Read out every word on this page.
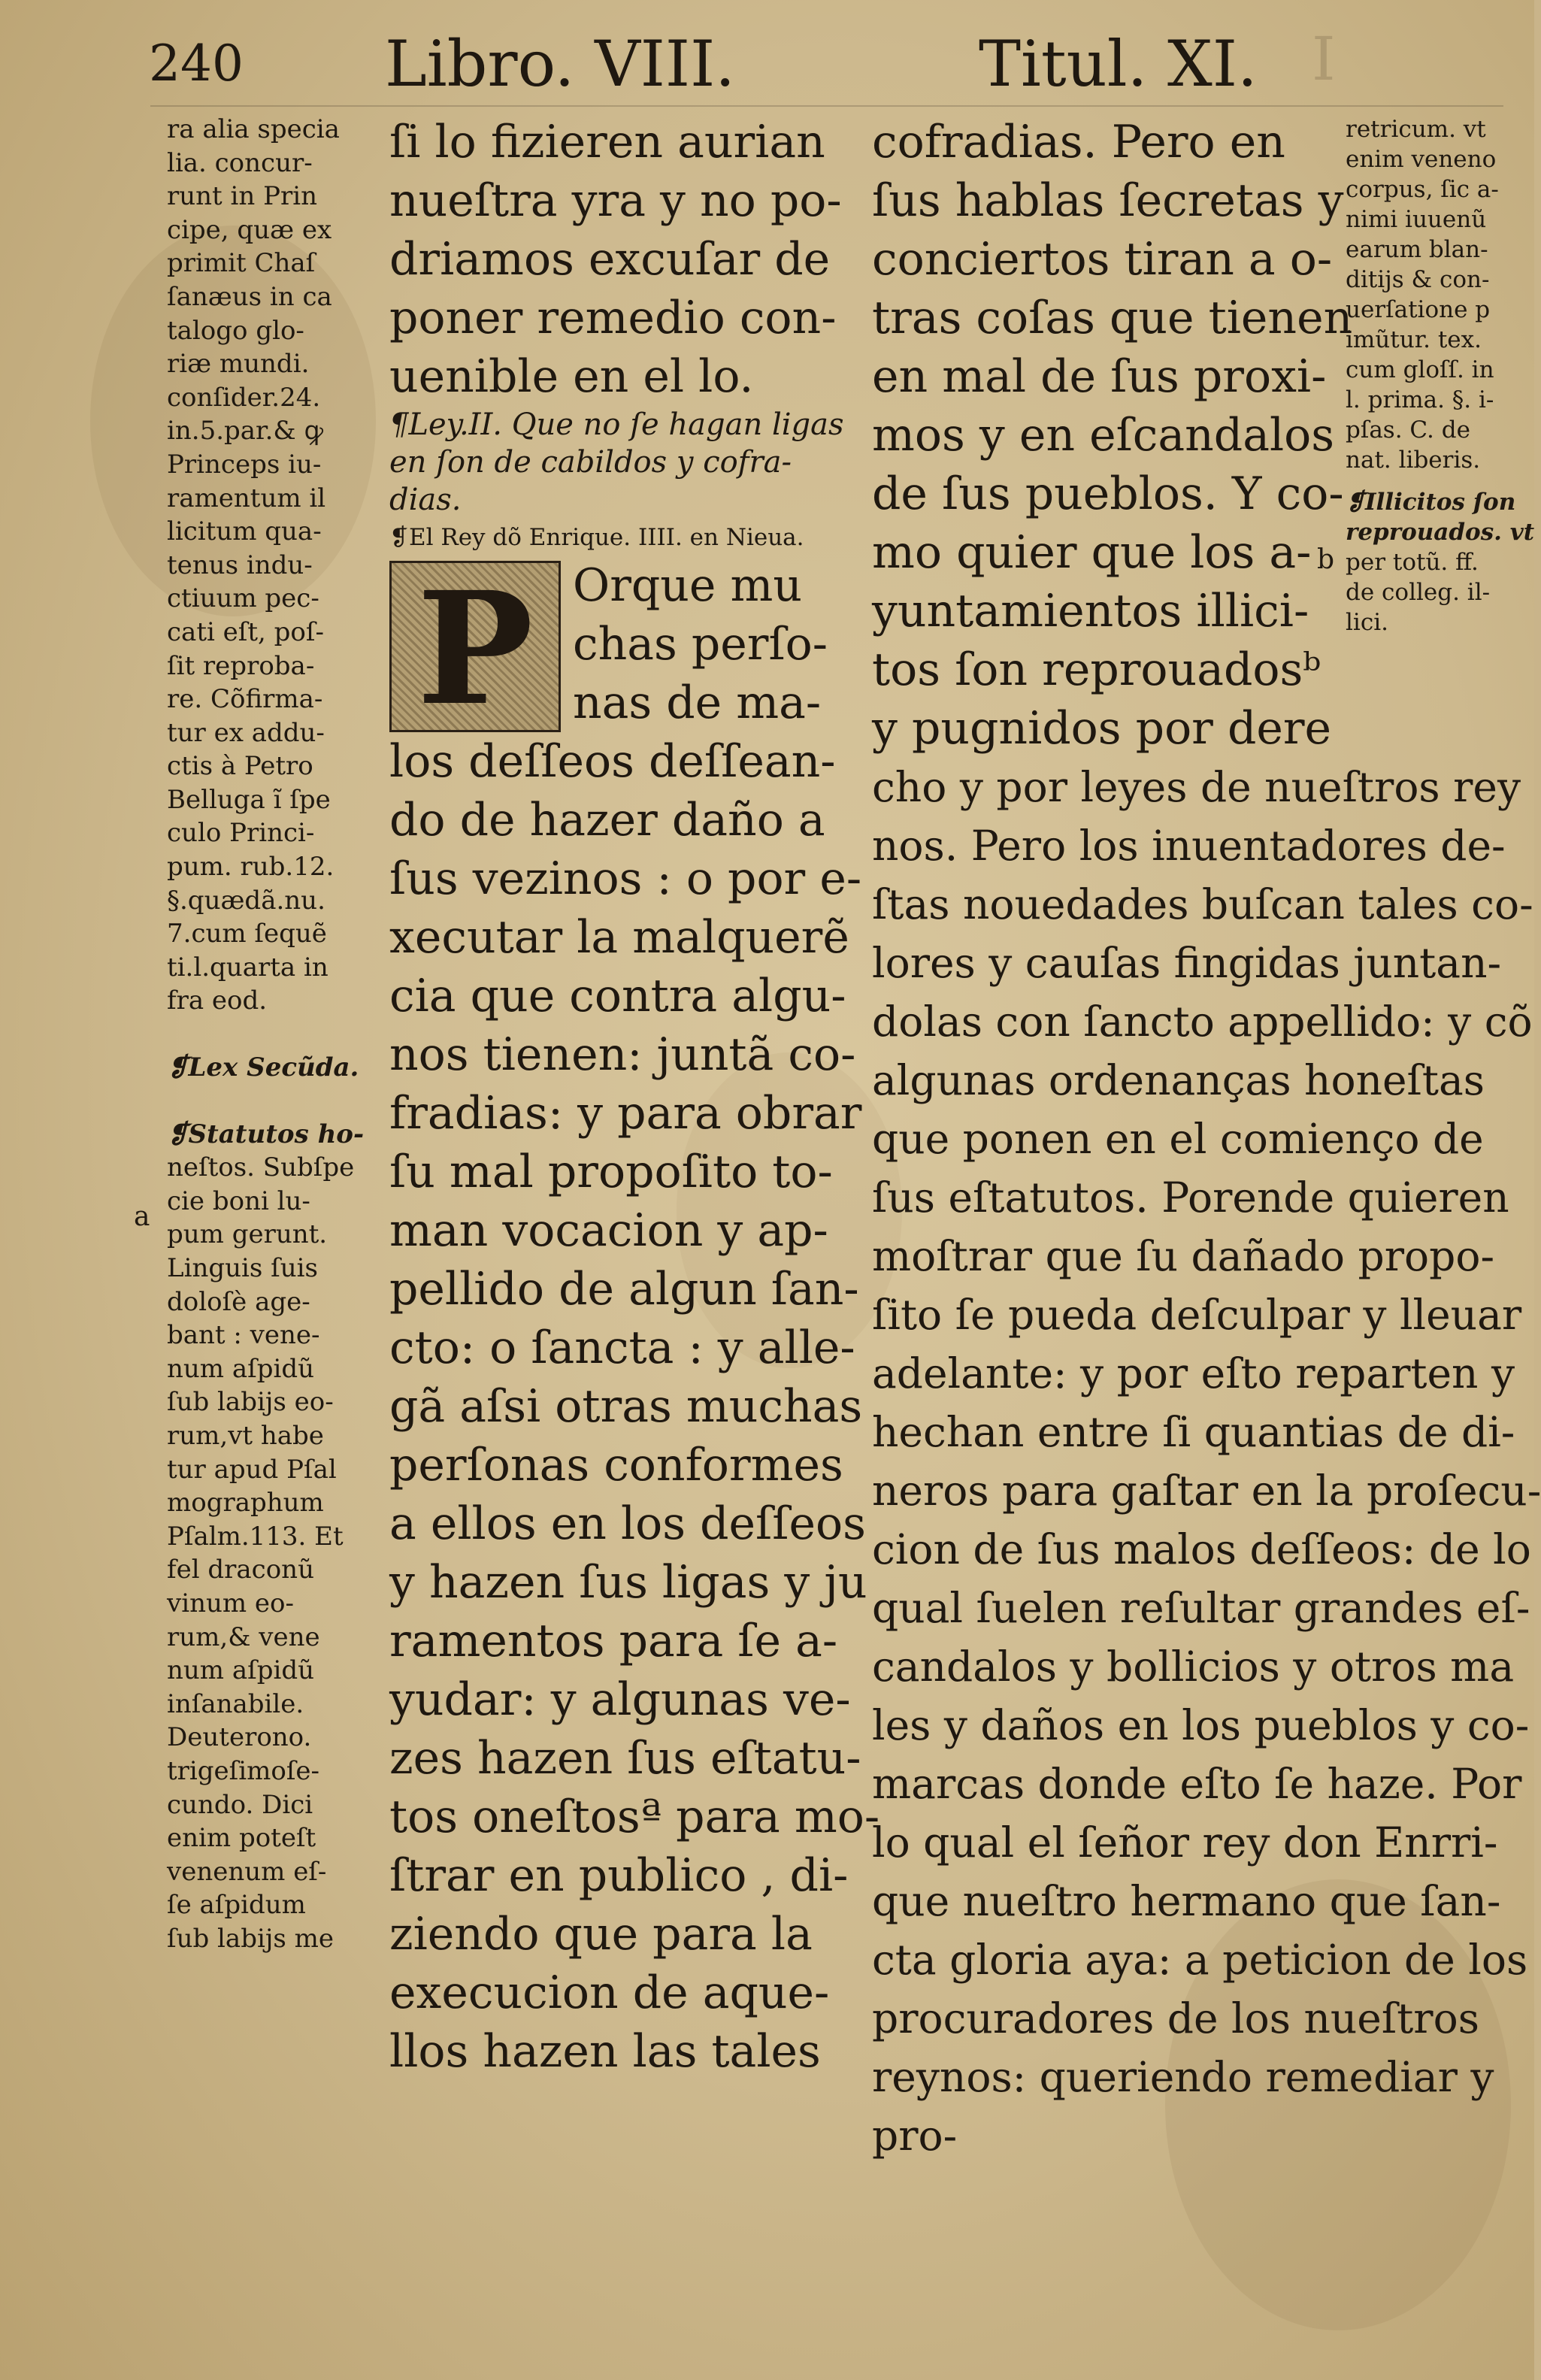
240 Libro. VIII.	Titul. XI. I

ra alia specia

lia. concur-

runt in Prin

cipe, quæ ex

primit Chaſ

ſanæus in ca

talogo glo-

riæ mundi.

conſider.24.

in.5.par.& ꝙ

Princeps iu-

ramentum il

licitum qua-

tenus indu-

ctiuum pec-

cati eſt, poſ-

ſit reproba-

re. Cõfirma-

tur ex addu-

ctis à Petro

Belluga ĩ ſpe

culo Princi-

pum. rub.12.

§.quædã.nu.

7.cum ſequẽ

ti.l.quarta in

fra eod.

❡Lex Secũda.

❡Statutos ho-

neſtos. Subſpe

cie boni lu-

pum gerunt.

Linguis ſuis

doloſè age-

bant : vene-

num aſpidũ

ſub labijs eo-

rum,vt habe

tur apud Pſal

mographum

Pſalm.113. Et

fel draconũ

vinum eo-

rum,& vene

num aſpidũ

inſanabile.

Deuterono.

trigeſimoſe-

cundo. Dici

enim poteſt

venenum eſ-

ſe aſpidum

ſub labijs me

a

ſi lo fizieren aurian

nueſtra yra y no po-

driamos excuſar de

poner remedio con-

uenible en el lo.

¶Ley.II. Que no ſe hagan ligas

en ſon de cabildos y cofra-

dias.

❡El Rey dõ Enrique. IIII. en Nieua.

P Orque mu

chas perſo-

nas de ma-

los deſſeos deſſean-

do de hazer daño a

ſus vezinos : o por e-

xecutar la malquerẽ

cia que contra algu-

nos tienen: juntã co-

fradias: y para obrar

ſu mal propoſito to-

man vocacion y ap-

pellido de algun ſan-

cto: o ſancta : y alle-

gã aſsi otras muchas

perſonas conformes

a ellos en los deſſeos

y hazen ſus ligas y ju

ramentos para ſe a-

yudar: y algunas ve-

zes hazen ſus eſtatu-

tos oneſtosª para mo-

ſtrar en publico , di-

ziendo que para la

execucion de aque-

llos hazen las tales

cofradias. Pero en

ſus hablas ſecretas y

conciertos tiran a o-

tras coſas que tienen

en mal de ſus proxi-

mos y en eſcandalos

de ſus pueblos. Y co-

mo quier que los a-

yuntamientos illici-

tos ſon reprouadosᵇ

y pugnidos por dere

cho y por leyes de nueſtros rey

nos. Pero los inuentadores de-

ſtas nouedades buſcan tales co-

lores y cauſas fingidas juntan-

dolas con ſancto appellido: y cõ

algunas ordenanças honeſtas

que ponen en el comienço de

ſus eſtatutos. Porende quieren

moſtrar que ſu dañado propo-

ſito ſe pueda deſculpar y lleuar

adelante: y por eſto reparten y

hechan entre ſi quantias de di-

neros para gaſtar en la proſecu-

cion de ſus malos deſſeos: de lo

qual ſuelen reſultar grandes eſ-

candalos y bollicios y otros ma

les y daños en los pueblos y co-

marcas donde eſto ſe haze. Por

lo qual el ſeñor rey don Enrri-

que nueſtro hermano que ſan-

cta gloria aya: a peticion de los

procuradores de los nueſtros

reynos: queriendo remediar y

pro-

retricum. vt

enim veneno

corpus, ſic a-

nimi iuuenũ

earum blan-

ditijs & con-

uerſatione p

imũtur. tex.

cum gloſſ. in

l. prima. §. i-

pſas. C. de

nat. liberis.

❡Illicitos ſon

reprouados. vt

per totũ. ff.

de colleg. il-

lici.

b
